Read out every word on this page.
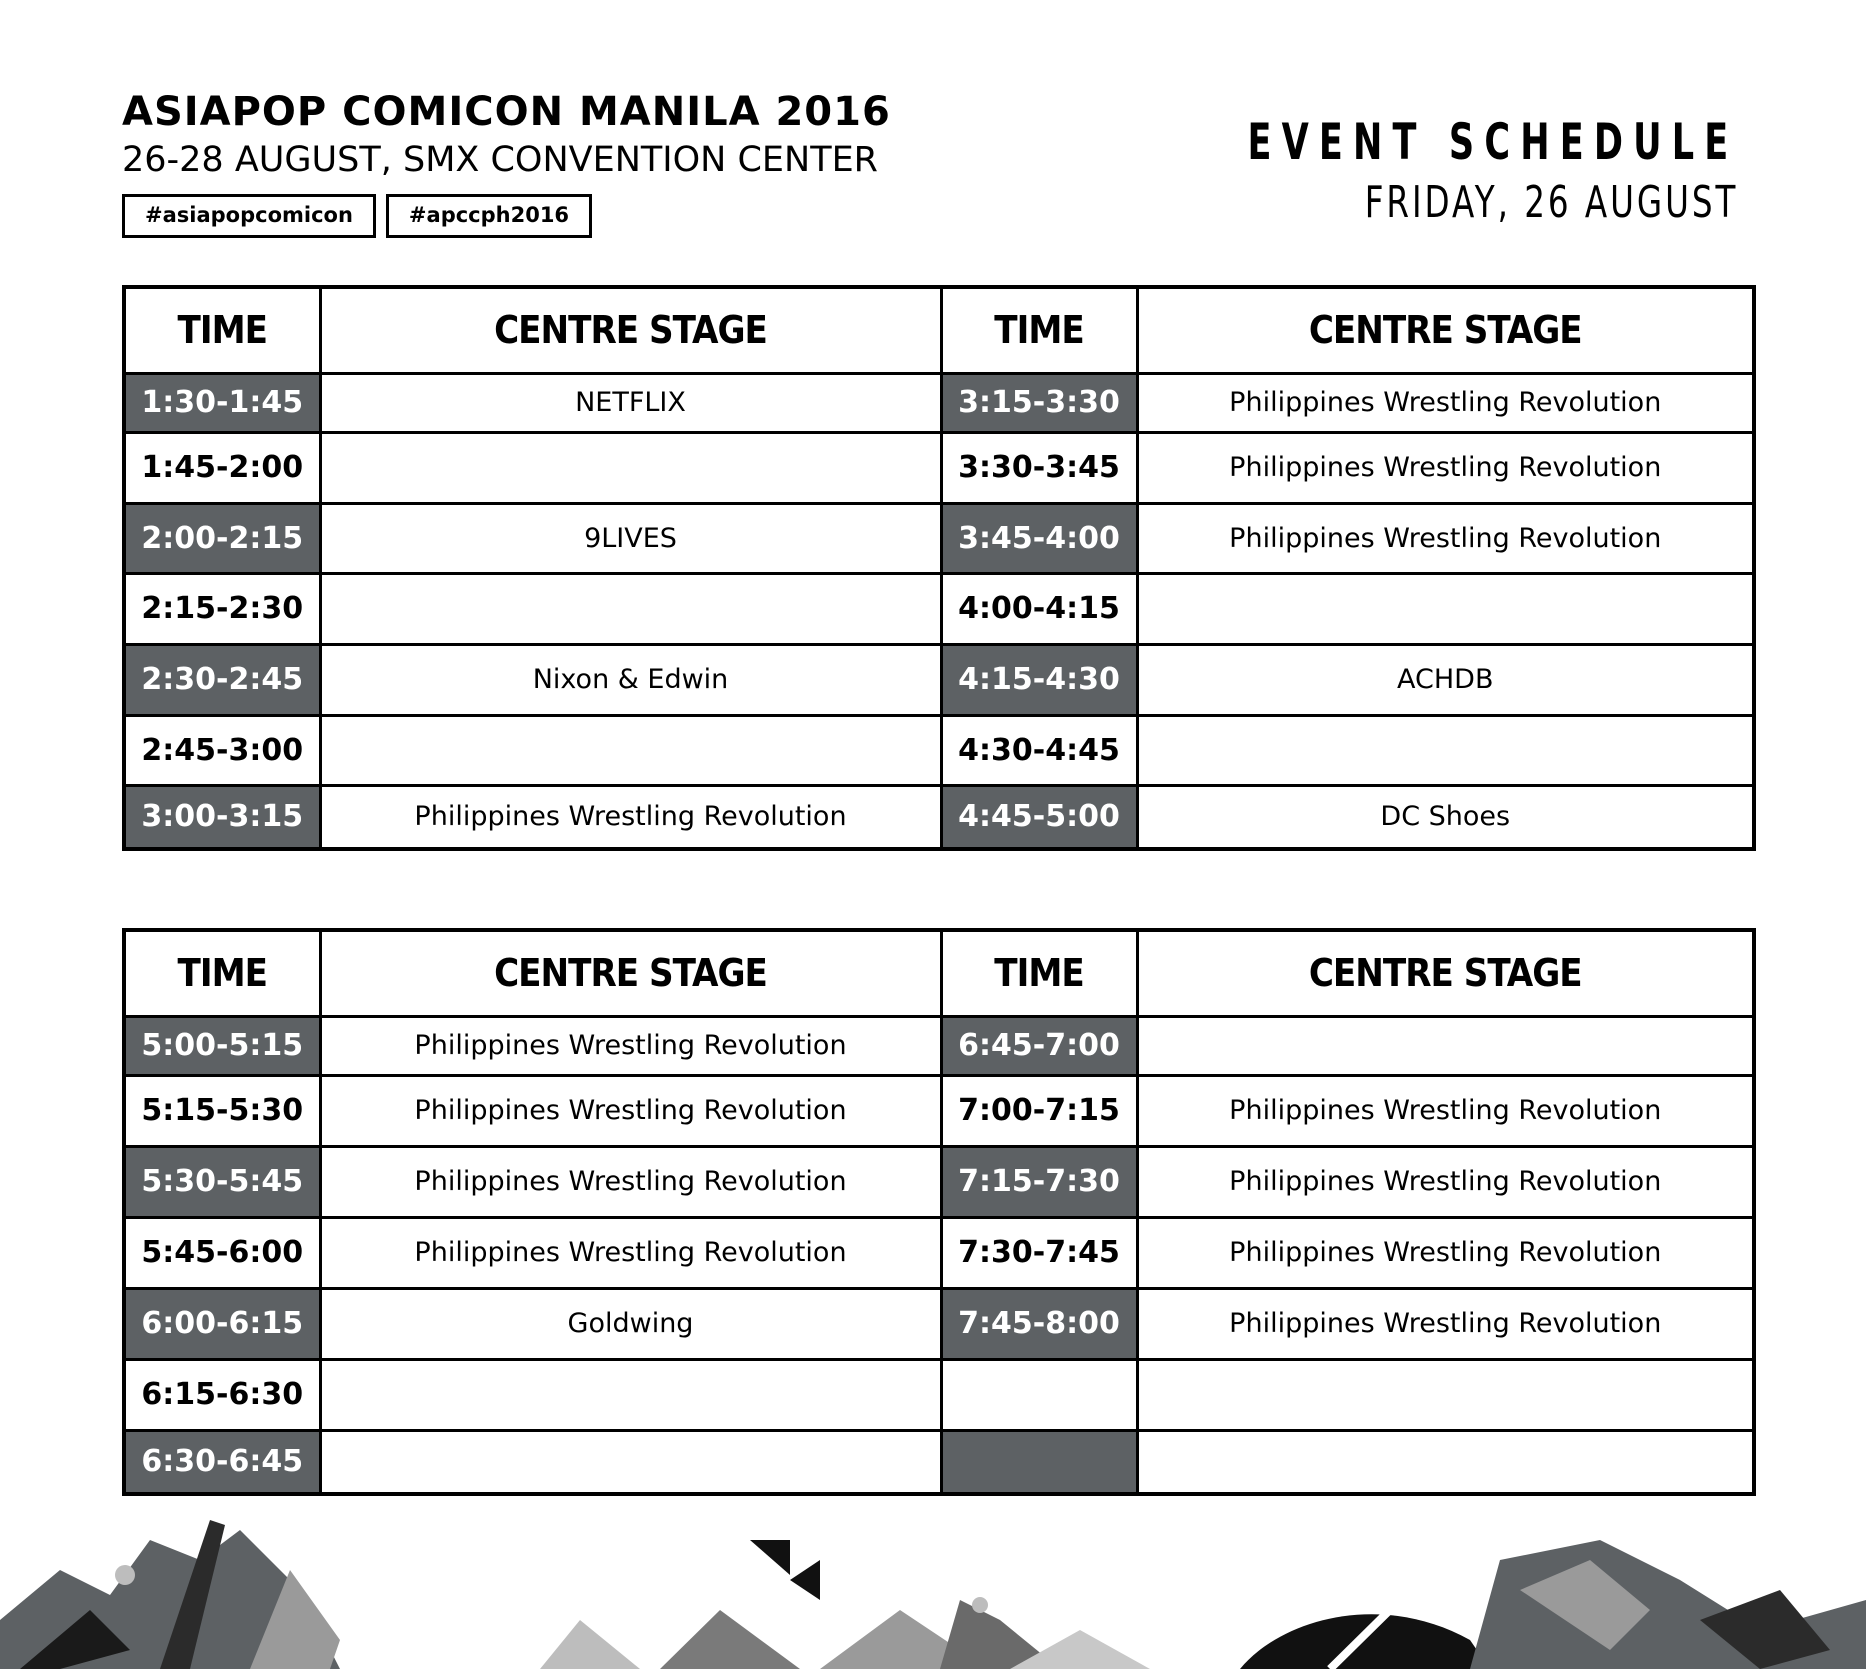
ASIAPOP COMICON MANILA 2016
26-28 AUGUST, SMX CONVENTION CENTER
#asiapopcomicon	#apccph2016
EVENT SCHEDULE
FRIDAY, 26 AUGUST
TIME	CENTRE STAGE	TIME	CENTRE STAGE
1:30-1:45	NETFLIX	3:15-3:30	Philippines Wrestling Revolution
1:45-2:00		3:30-3:45	Philippines Wrestling Revolution
2:00-2:15	9LIVES	3:45-4:00	Philippines Wrestling Revolution
2:15-2:30		4:00-4:15	
2:30-2:45	Nixon & Edwin	4:15-4:30	ACHDB
2:45-3:00		4:30-4:45	
3:00-3:15	Philippines Wrestling Revolution	4:45-5:00	DC Shoes
TIME	CENTRE STAGE	TIME	CENTRE STAGE
5:00-5:15	Philippines Wrestling Revolution	6:45-7:00	
5:15-5:30	Philippines Wrestling Revolution	7:00-7:15	Philippines Wrestling Revolution
5:30-5:45	Philippines Wrestling Revolution	7:15-7:30	Philippines Wrestling Revolution
5:45-6:00	Philippines Wrestling Revolution	7:30-7:45	Philippines Wrestling Revolution
6:00-6:15	Goldwing	7:45-8:00	Philippines Wrestling Revolution
6:15-6:30			
6:30-6:45			
